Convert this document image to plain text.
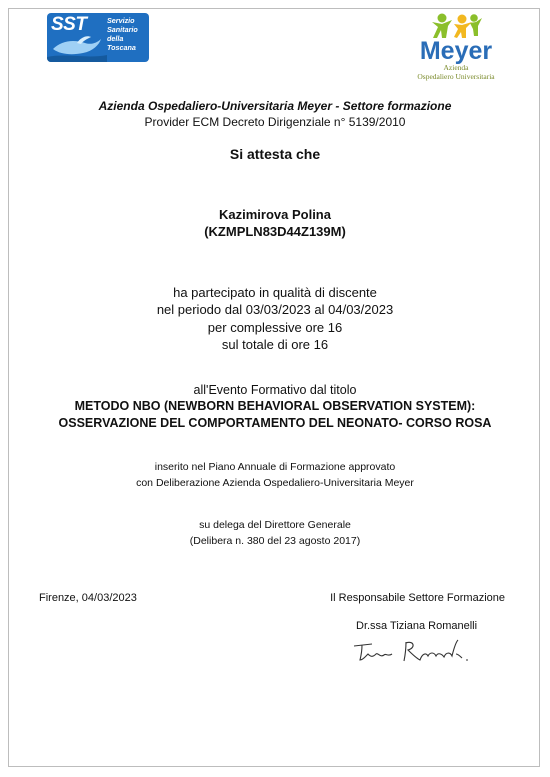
SST	Servizio
Sanitario
della
Toscana	Meyer
Azienda
Ospedaliero Universitaria
Azienda Ospedaliero-Universitaria Meyer - Settore formazione
Provider ECM Decreto Dirigenziale n° 5139/2010
Si attesta che
Kazimirova Polina
(KZMPLN83D44Z139M)
ha partecipato in qualità di discente
nel periodo dal 03/03/2023 al 04/03/2023
per complessive ore 16
sul totale di ore 16
all'Evento Formativo dal titolo
METODO NBO (NEWBORN BEHAVIORAL OBSERVATION SYSTEM):
OSSERVAZIONE DEL COMPORTAMENTO DEL NEONATO- CORSO ROSA
inserito nel Piano Annuale di Formazione approvato
con Deliberazione Azienda Ospedaliero-Universitaria Meyer
su delega del Direttore Generale
(Delibera n. 380 del 23 agosto 2017)
Firenze, 04/03/2023	Il Responsabile Settore Formazione
Dr.ssa Tiziana Romanelli
